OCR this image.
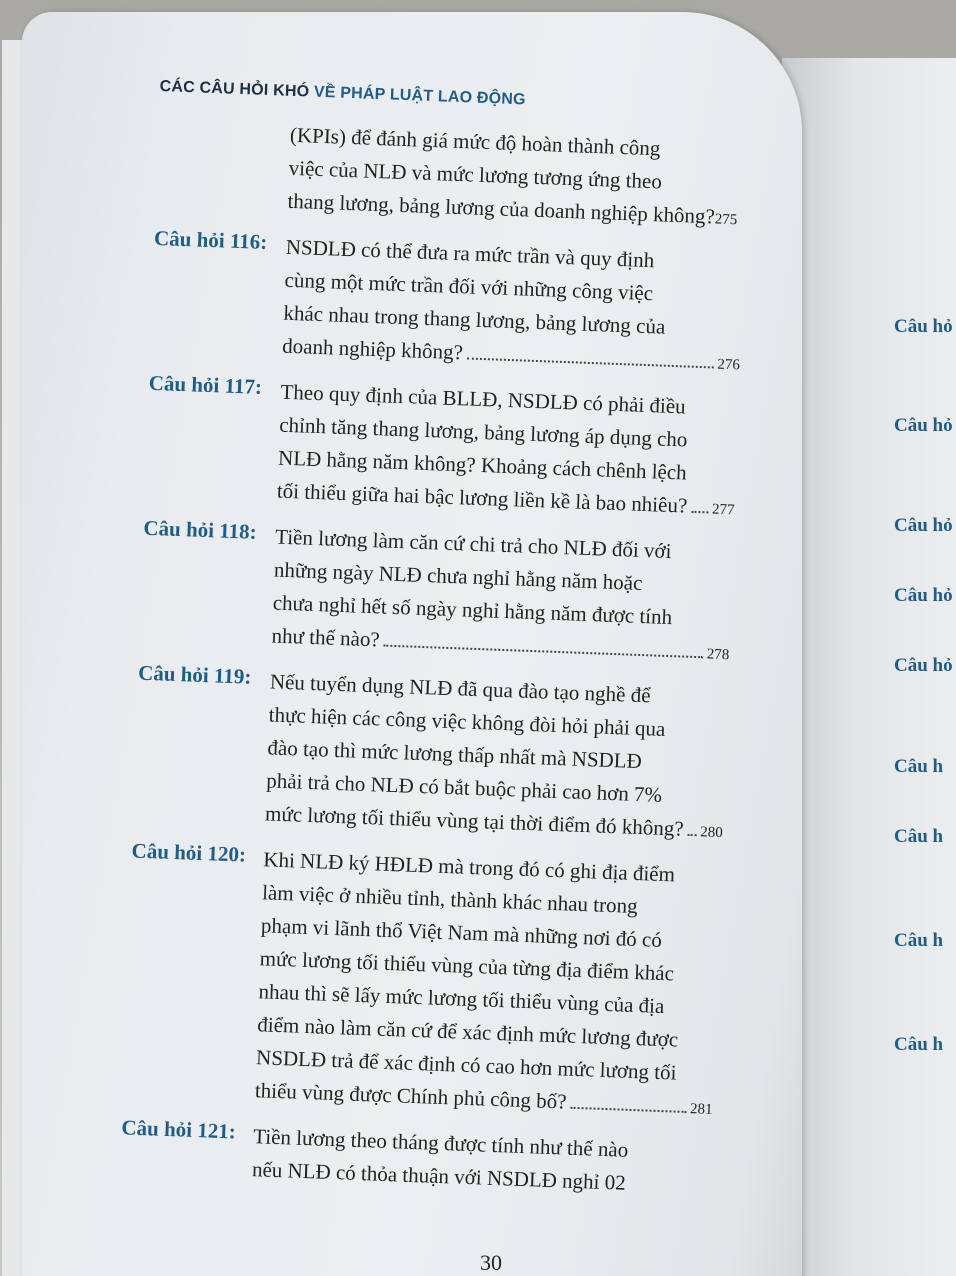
Câu hỏ
Câu hỏ
Câu hỏ
Câu hỏ
Câu hỏ
Câu h
Câu h
Câu h
Câu h
CÁC CÂU HỎI KHÓ VỀ PHÁP LUẬT LAO ĐỘNG
(KPIs) để đánh giá mức độ hoàn thành công
việc của NLĐ và mức lương tương ứng theo
thang lương, bảng lương của doanh nghiệp không? 275
Câu hỏi 116: NSDLĐ có thể đưa ra mức trần và quy định
cùng một mức trần đối với những công việc
khác nhau trong thang lương, bảng lương của
doanh nghiệp không?
276
Câu hỏi 117: Theo quy định của BLLĐ, NSDLĐ có phải điều
chỉnh tăng thang lương, bảng lương áp dụng cho
NLĐ hằng năm không? Khoảng cách chênh lệch
tối thiểu giữa hai bậc lương liền kề là bao nhiêu? 277
Câu hỏi 118: Tiền lương làm căn cứ chi trả cho NLĐ đối với
những ngày NLĐ chưa nghỉ hằng năm hoặc
chưa nghỉ hết số ngày nghỉ hằng năm được tính
như thế nào?
278
Câu hỏi 119: Nếu tuyển dụng NLĐ đã qua đào tạo nghề để
thực hiện các công việc không đòi hỏi phải qua
đào tạo thì mức lương thấp nhất mà NSDLĐ
phải trả cho NLĐ có bắt buộc phải cao hơn 7%
mức lương tối thiểu vùng tại thời điểm đó không? 280
Câu hỏi 120: Khi NLĐ ký HĐLĐ mà trong đó có ghi địa điểm
làm việc ở nhiều tỉnh, thành khác nhau trong
phạm vi lãnh thổ Việt Nam mà những nơi đó có
mức lương tối thiểu vùng của từng địa điểm khác
nhau thì sẽ lấy mức lương tối thiểu vùng của địa
điểm nào làm căn cứ để xác định mức lương được
NSDLĐ trả để xác định có cao hơn mức lương tối
thiểu vùng được Chính phủ công bố?	281
Câu hỏi 121: Tiền lương theo tháng được tính như thế nào
nếu NLĐ có thỏa thuận với NSDLĐ nghỉ 02
30
